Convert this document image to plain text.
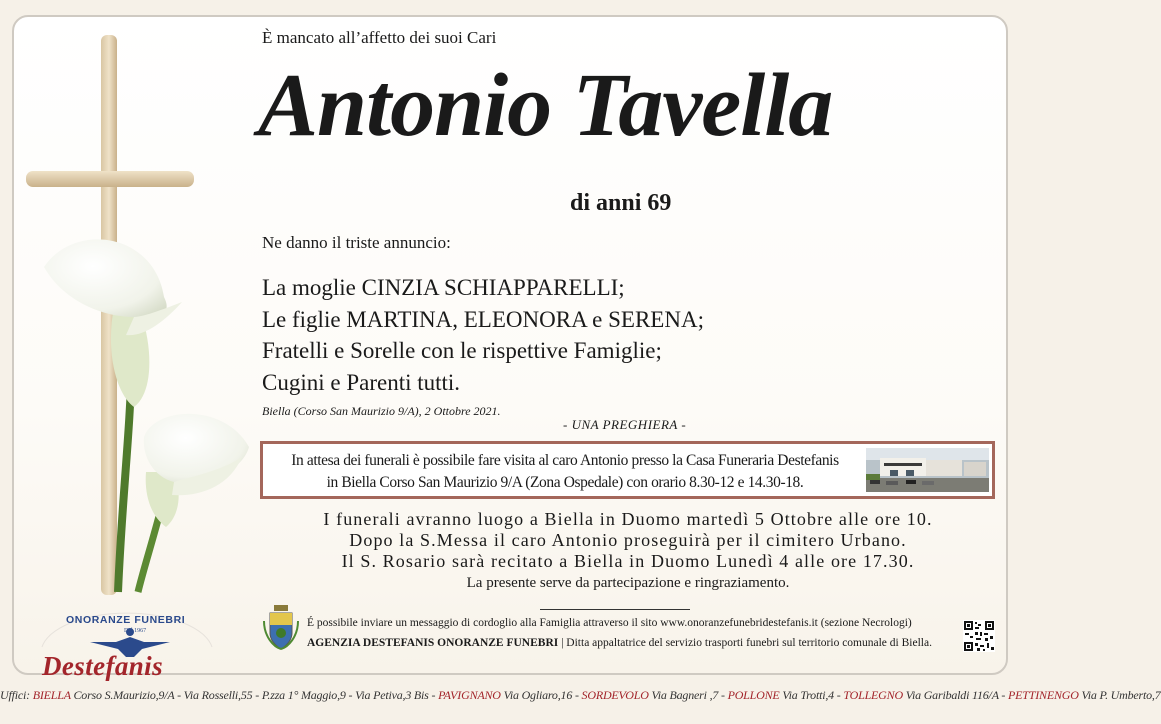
ONORANZE FUNEBRI
Dal 1967
Destefanis
È mancato all’affetto dei suoi Cari
Antonio Tavella
di anni 69
Ne danno il triste annuncio:
La moglie CINZIA SCHIAPPARELLI;
Le figlie MARTINA, ELEONORA e SERENA;
Fratelli e Sorelle con le rispettive Famiglie;
Cugini e Parenti tutti.
Biella (Corso San Maurizio 9/A), 2 Ottobre 2021.
- UNA PREGHIERA -
In attesa dei funerali è possibile fare visita al caro Antonio presso la Casa Funeraria Destefanis
in Biella Corso San Maurizio 9/A (Zona Ospedale) con orario 8.30-12 e 14.30-18.
I funerali avranno luogo a Biella in Duomo martedì 5 Ottobre alle ore 10.
Dopo la S.Messa il caro Antonio proseguirà per il cimitero Urbano.
Il S. Rosario sarà recitato a Biella in Duomo Lunedì 4 alle ore 17.30.
La presente serve da partecipazione e ringraziamento.
É possibile inviare un messaggio di cordoglio alla Famiglia attraverso il sito www.onoranzefunebridestefanis.it (sezione Necrologi)
AGENZIA DESTEFANIS ONORANZE FUNEBRI | Ditta appaltatrice del servizio trasporti funebri sul territorio comunale di Biella.
Uffici: BIELLA Corso S.Maurizio,9/A - Via Rosselli,55 - P.zza 1° Maggio,9 - Via Petiva,3 Bis - PAVIGNANO Via Ogliaro,16 - SORDEVOLO Via Bagneri ,7 - POLLONE Via Trotti,4 - TOLLEGNO Via Garibaldi 116/A - PETTINENGO Via P. Umberto,7
